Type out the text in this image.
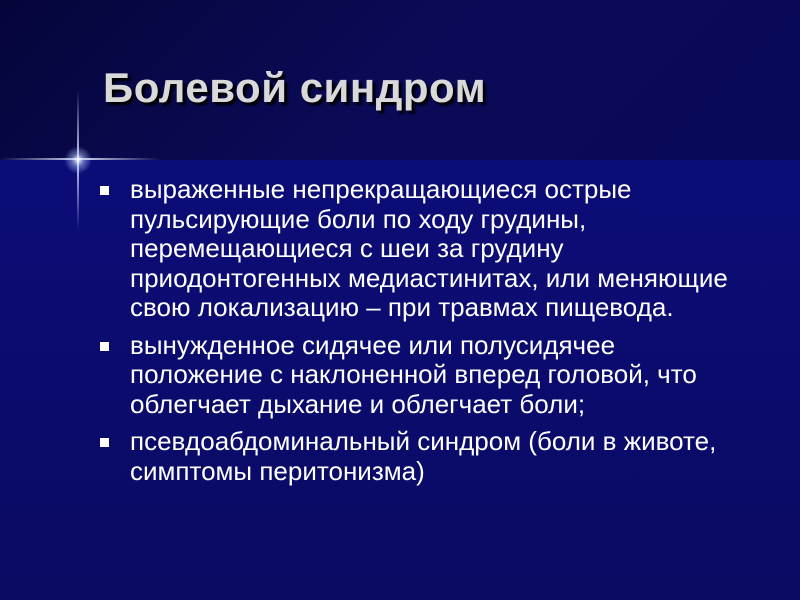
Болевой синдром
выраженные непрекращающиеся острые пульсирующие боли по ходу грудины, перемещающиеся с шеи за грудину приодонтогенных медиастинитах, или меняющие свою локализацию – при травмах пищевода.
вынужденное сидячее или полусидячее положение с наклоненной вперед головой, что облегчает дыхание и облегчает боли;
псевдоабдоминальный синдром (боли в животе, симптомы перитонизма)
